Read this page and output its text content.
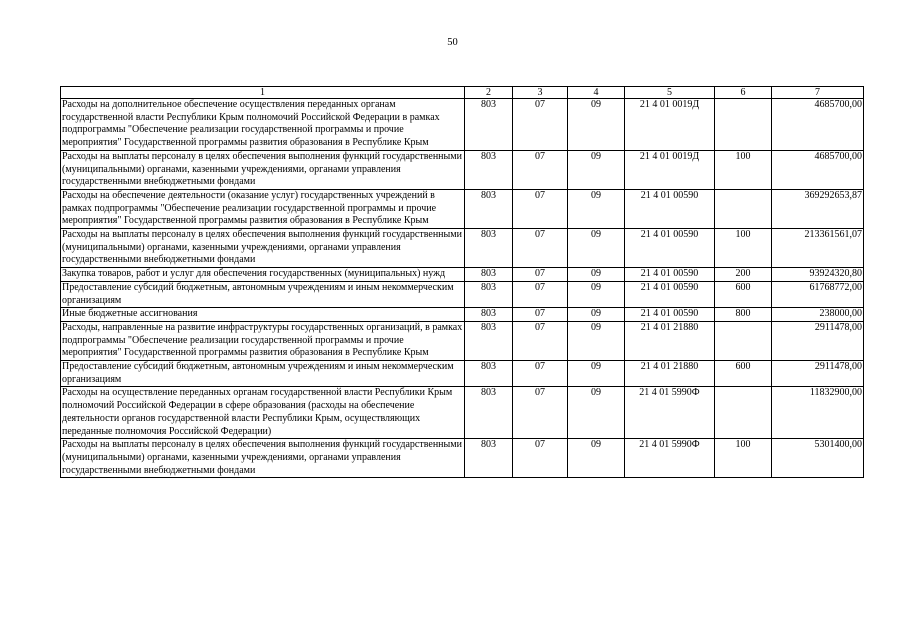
50
1	2	3	4	5	6	7
Расходы на дополнительное обеспечение осуществления переданных органам государственной власти Республики Крым полномочий Российской Федерации в рамках подпрограммы "Обеспечение реализации государственной программы и прочие мероприятия" Государственной программы развития образования в Республике Крым	803	07	09	21 4 01 0019Д		4685700,00
Расходы на выплаты персоналу в целях обеспечения выполнения функций государственными (муниципальными) органами, казенными учреждениями, органами управления государственными внебюджетными фондами	803	07	09	21 4 01 0019Д	100	4685700,00
Расходы на обеспечение деятельности (оказание услуг) государственных учреждений в рамках подпрограммы "Обеспечение реализации государственной программы и прочие мероприятия" Государственной программы развития образования в Республике Крым	803	07	09	21 4 01 00590		369292653,87
Расходы на выплаты персоналу в целях обеспечения выполнения функций государственными (муниципальными) органами, казенными учреждениями, органами управления государственными внебюджетными фондами	803	07	09	21 4 01 00590	100	213361561,07
Закупка товаров, работ и услуг для обеспечения государственных (муниципальных) нужд	803	07	09	21 4 01 00590	200	93924320,80
Предоставление субсидий бюджетным, автономным учреждениям и иным некоммерческим организациям	803	07	09	21 4 01 00590	600	61768772,00
Иные бюджетные ассигнования	803	07	09	21 4 01 00590	800	238000,00
Расходы, направленные на развитие инфраструктуры государственных организаций, в рамках подпрограммы "Обеспечение реализации государственной программы и прочие мероприятия" Государственной программы развития образования в Республике Крым	803	07	09	21 4 01 21880		2911478,00
Предоставление субсидий бюджетным, автономным учреждениям и иным некоммерческим организациям	803	07	09	21 4 01 21880	600	2911478,00
Расходы на осуществление переданных органам государственной власти Республики Крым полномочий Российской Федерации в сфере образования (расходы на обеспечение деятельности органов государственной власти Республики Крым, осуществляющих переданные полномочия Российской Федерации)	803	07	09	21 4 01 5990Ф		11832900,00
Расходы на выплаты персоналу в целях обеспечения выполнения функций государственными (муниципальными) органами, казенными учреждениями, органами управления государственными внебюджетными фондами	803	07	09	21 4 01 5990Ф	100	5301400,00
